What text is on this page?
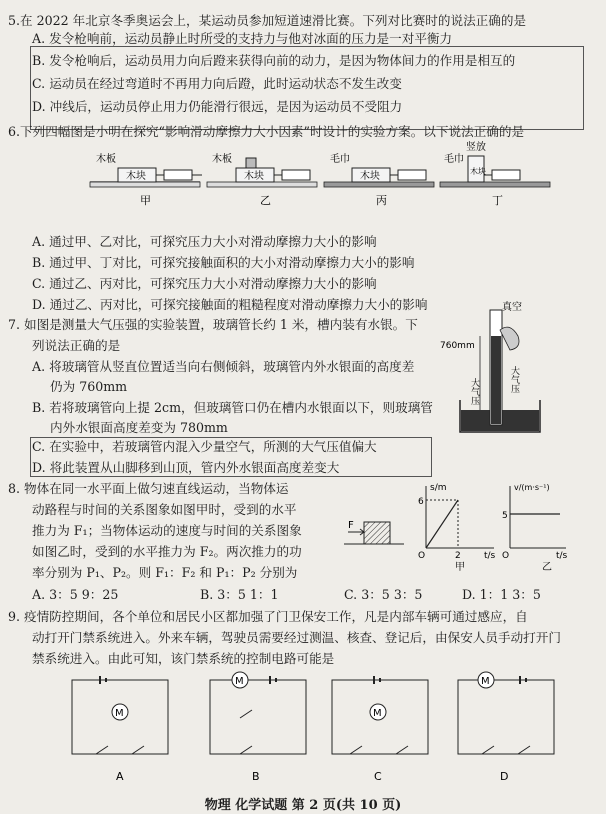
5.在 2022 年北京冬季奥运会上，某运动员参加短道速滑比赛。下列对比赛时的说法正确的是
A. 发令枪响前，运动员静止时所受的支持力与他对冰面的压力是一对平衡力
B. 发令枪响后，运动员用力向后蹬来获得向前的动力，是因为物体间力的作用是相互的
C. 运动员在经过弯道时不再用力向后蹬，此时运动状态不发生改变
D. 冲线后，运动员停止用力仍能滑行很远，是因为运动员不受阻力
6.下列四幅图是小明在探究“影响滑动摩擦力大小因素”时设计的实验方案。以下说法正确的是
木块
木板
甲
木块
木板
乙
木块
毛巾
丙
木块
毛巾
竖放
丁
A. 通过甲、乙对比，可探究压力大小对滑动摩擦力大小的影响
B. 通过甲、丁对比，可探究接触面积的大小对滑动摩擦力大小的影响
C. 通过乙、丙对比，可探究压力大小对滑动摩擦力大小的影响
D. 通过乙、丙对比，可探究接触面的粗糙程度对滑动摩擦力大小的影响
7. 如图是测量大气压强的实验装置，玻璃管长约 1 米，槽内装有水银。下
列说法正确的是
A. 将玻璃管从竖直位置适当向右侧倾斜，玻璃管内外水银面的高度差
仍为 760mm
B. 若将玻璃管向上提 2cm，但玻璃管口仍在槽内水银面以下，则玻璃管
内外水银面高度差变为 780mm
C. 在实验中，若玻璃管内混入少量空气，所测的大气压值偏大
D. 将此装置从山脚移到山顶，管内外水银面高度差变大
真空
760mm
大气压	大气压
8. 物体在同一水平面上做匀速直线运动，当物体运
动路程与时间的关系图象如图甲时，受到的水平
推力为 F₁；当物体运动的速度与时间的关系图象
如图乙时，受到的水平推力为 F₂。两次推力的功
率分别为 P₁、P₂。则 F₁：F₂ 和 P₁：P₂ 分别为
A. 3：5 9：25	B. 3：5 1：1	C. 3：5 3：5	D. 1：1 3：5
F
s/m
6
O	2	t/s
甲
v/(m·s⁻¹)
5
O	t/s
乙
9. 疫情防控期间，各个单位和居民小区都加强了门卫保安工作，凡是内部车辆可通过感应，自
动打开门禁系统进入。外来车辆，驾驶员需要经过测温、核查、登记后，由保安人员手动打开门
禁系统进入。由此可知，该门禁系统的控制电路可能是
M
A
M
B
M
C
M
D
物理 化学试题 第 2 页(共 10 页)
